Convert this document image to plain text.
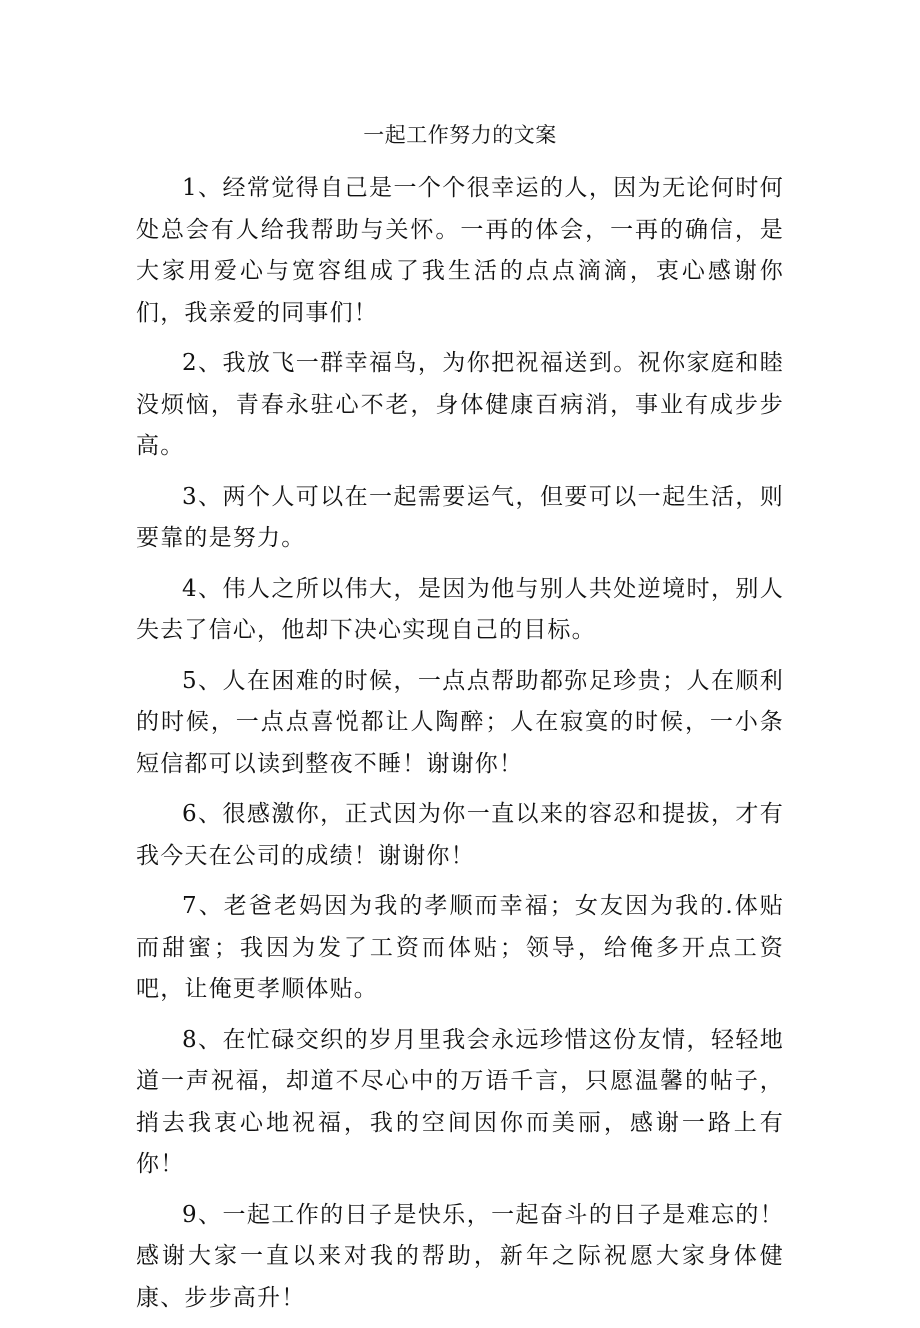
一起工作努力的文案

1、经常觉得自己是一个个很幸运的人，因为无论何时何处总会有人给我帮助与关怀。一再的体会，一再的确信，是大家用爱心与宽容组成了我生活的点点滴滴，衷心感谢你们，我亲爱的同事们！

2、我放飞一群幸福鸟，为你把祝福送到。祝你家庭和睦没烦恼，青春永驻心不老，身体健康百病消，事业有成步步高。

3、两个人可以在一起需要运气，但要可以一起生活，则要靠的是努力。

4、伟人之所以伟大，是因为他与别人共处逆境时，别人失去了信心，他却下决心实现自己的目标。

5、人在困难的时候，一点点帮助都弥足珍贵；人在顺利的时候，一点点喜悦都让人陶醉；人在寂寞的时候，一小条短信都可以读到整夜不睡！谢谢你！

6、很感激你，正式因为你一直以来的容忍和提拔，才有我今天在公司的成绩！谢谢你！

7、老爸老妈因为我的孝顺而幸福；女友因为我的.体贴而甜蜜；我因为发了工资而体贴；领导，给俺多开点工资吧，让俺更孝顺体贴。

8、在忙碌交织的岁月里我会永远珍惜这份友情，轻轻地道一声祝福，却道不尽心中的万语千言，只愿温馨的帖子，捎去我衷心地祝福，我的空间因你而美丽，感谢一路上有你！

9、一起工作的日子是快乐，一起奋斗的日子是难忘的！感谢大家一直以来对我的帮助，新年之际祝愿大家身体健康、步步高升！
